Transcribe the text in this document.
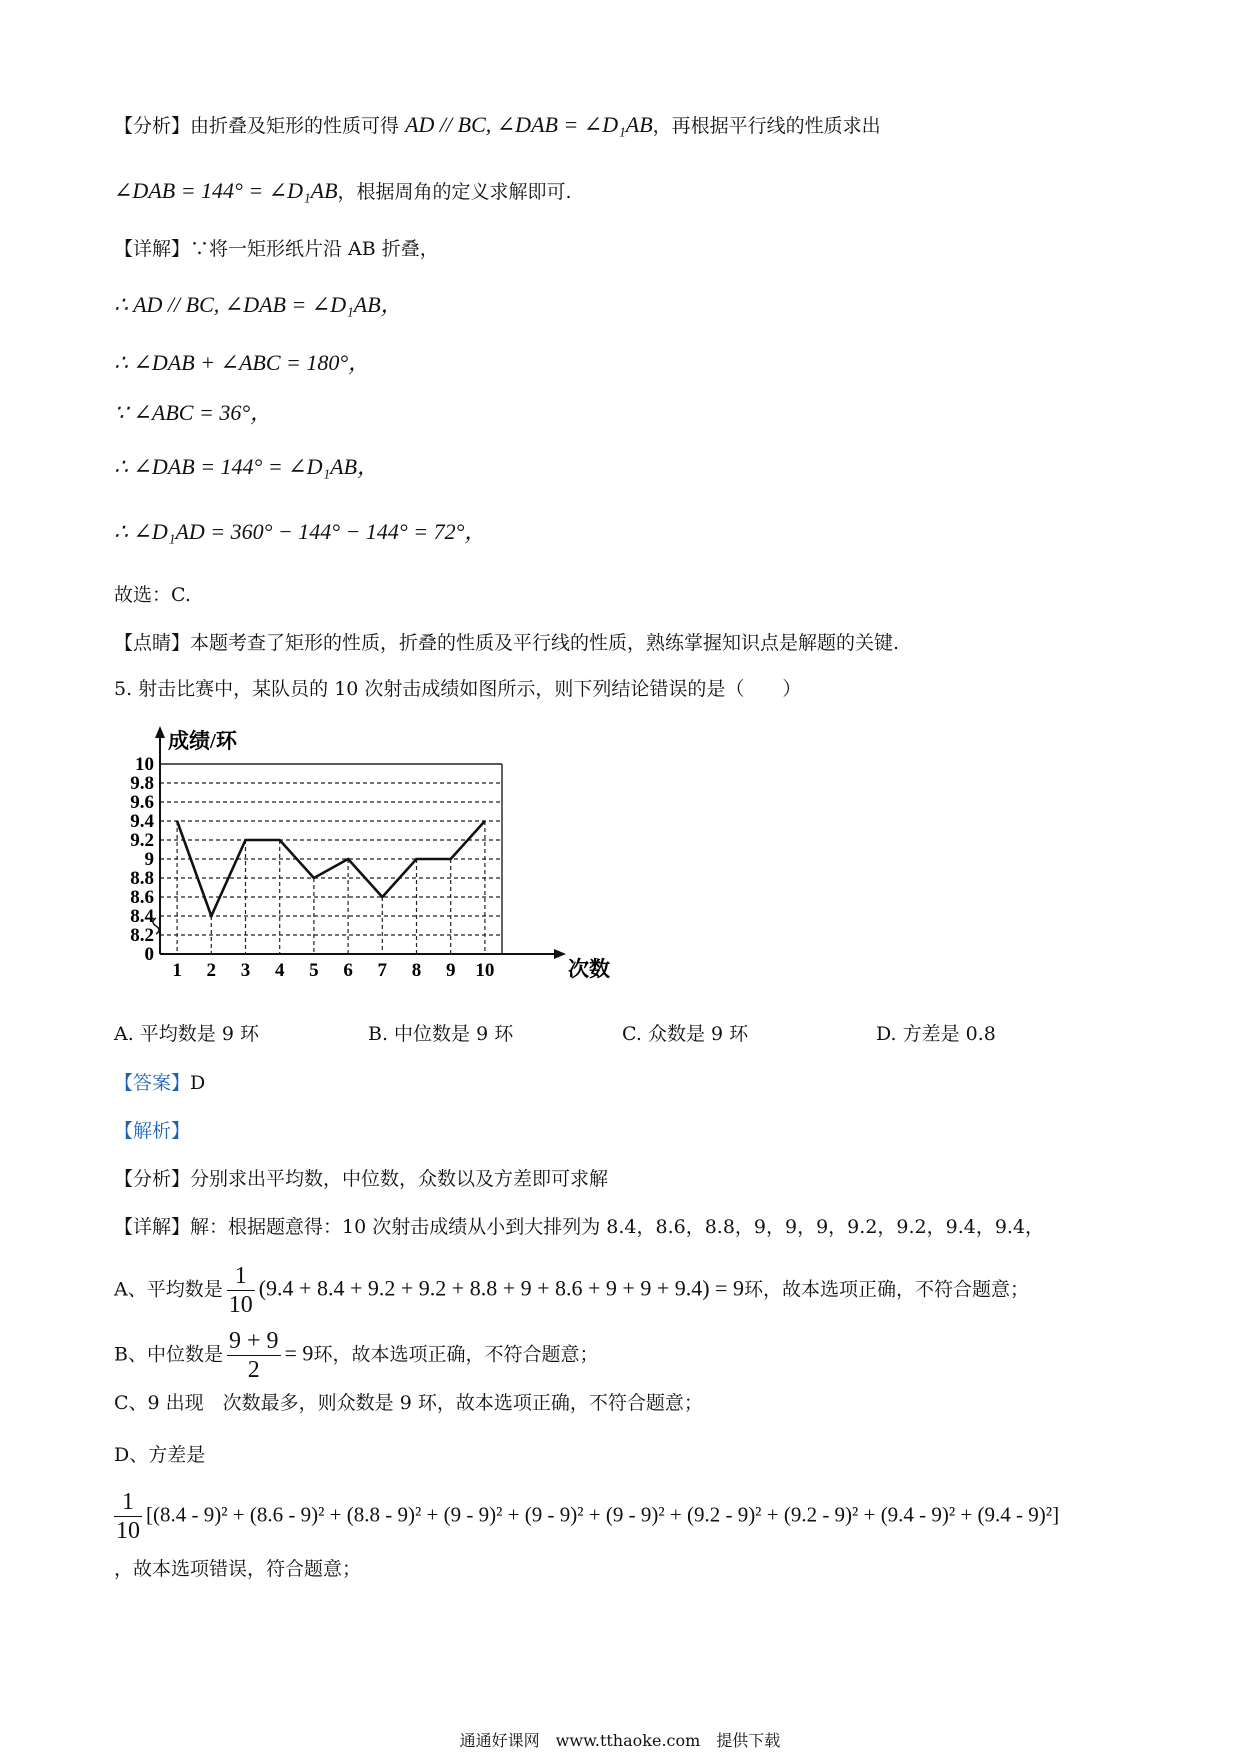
【分析】由折叠及矩形的性质可得 AD // BC, ∠DAB = ∠D₁AB，再根据平行线的性质求出
∠DAB = 144° = ∠D₁AB，根据周角的定义求解即可.
【详解】∵将一矩形纸片沿 AB 折叠，
∴ AD // BC, ∠DAB = ∠D₁AB，
∴ ∠DAB + ∠ABC = 180°，
∵ ∠ABC = 36°，
∴ ∠DAB = 144° = ∠D₁AB，
∴ ∠D₁AD = 360° − 144° − 144° = 72°，
故选：C.
【点睛】本题考查了矩形的性质，折叠的性质及平行线的性质，熟练掌握知识点是解题的关键.
5. 射击比赛中，某队员的 10 次射击成绩如图所示，则下列结论错误的是（　　）
0
8.2
8.4
8.6
8.8
9
9.2
9.4
9.6
9.8
10
1 2 3 4 5 6 7 8 9 10
成绩/环
次数
A. 平均数是 9 环	B. 中位数是 9 环	C. 众数是 9 环	D. 方差是 0.8
【答案】D
【解析】
【分析】分别求出平均数，中位数，众数以及方差即可求解
【详解】解：根据题意得：10 次射击成绩从小到大排列为 8.4，8.6，8.8，9，9，9，9.2，9.2，9.4，9.4，
A、平均数是 $\frac{1}{10} (9.4 + 8.4 + 9.2 + 9.2 + 8.8 + 9 + 8.6 + 9 + 9 + 9.4) = 9$环，故本选项正确，不符合题意；
B、中位数是 $\frac{9 + 9}{2} = 9$环，故本选项正确，不符合题意；
C、9 出现　次数最多，则众数是 9 环，故本选项正确，不符合题意；
D、方差是
$\frac{1}{10} [(8.4 - 9)^2 + (8.6 - 9)^2 + (8.8 - 9)^2 + (9 - 9)^2 + (9 - 9)^2 + (9 - 9)^2 + (9.2 - 9)^2 + (9.2 - 9)^2 + (9.4 - 9)^2 + (9.4 - 9)^2]$
，故本选项错误，符合题意；
通通好课网　www.tthaoke.com　提供下载
